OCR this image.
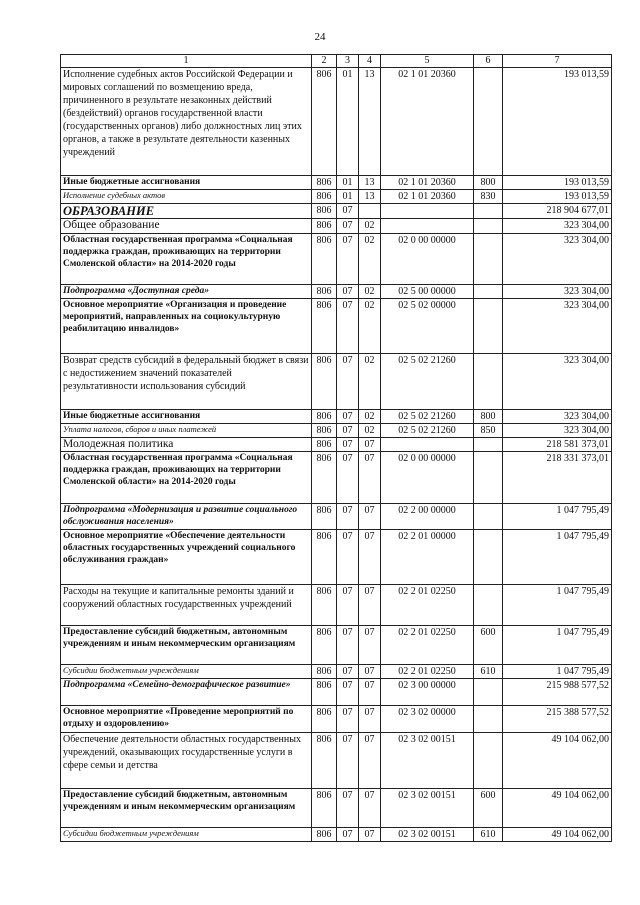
24
1	2	3	4	5	6	7
Исполнение судебных актов Российской Федерации и мировых соглашений по возмещению вреда, причиненного в результате незаконных действий (бездействий) органов государственной власти (государственных органов) либо должностных лиц этих органов, а также в результате деятельности казенных учреждений	806	01	13	02 1 01 20360		193 013,59
Иные бюджетные ассигнования	806	01	13	02 1 01 20360	800	193 013,59
Исполнение судебных актов	806	01	13	02 1 01 20360	830	193 013,59
ОБРАЗОВАНИЕ	806	07				218 904 677,01
Общее образование	806	07	02			323 304,00
Областная государственная программа «Социальная поддержка граждан, проживающих на территории Смоленской области» на 2014-2020 годы	806	07	02	02 0 00 00000		323 304,00
Подпрограмма «Доступная среда»	806	07	02	02 5 00 00000		323 304,00
Основное мероприятие «Организация и проведение мероприятий, направленных на социокультурную реабилитацию инвалидов»	806	07	02	02 5 02 00000		323 304,00
Возврат средств субсидий в федеральный бюджет в связи с недостижением значений показателей результативности использования субсидий	806	07	02	02 5 02 21260		323 304,00
Иные бюджетные ассигнования	806	07	02	02 5 02 21260	800	323 304,00
Уплата налогов, сборов и иных платежей	806	07	02	02 5 02 21260	850	323 304,00
Молодежная политика	806	07	07			218 581 373,01
Областная государственная программа «Социальная поддержка граждан, проживающих на территории Смоленской области» на 2014-2020 годы	806	07	07	02 0 00 00000		218 331 373,01
Подпрограмма «Модернизация и развитие социального обслуживания населения»	806	07	07	02 2 00 00000		1 047 795,49
Основное мероприятие «Обеспечение деятельности областных государственных учреждений социального обслуживания граждан»	806	07	07	02 2 01 00000		1 047 795,49
Расходы на текущие и капитальные ремонты зданий и сооружений областных государственных учреждений	806	07	07	02 2 01 02250		1 047 795,49
Предоставление субсидий бюджетным, автономным учреждениям и иным некоммерческим организациям	806	07	07	02 2 01 02250	600	1 047 795,49
Субсидии бюджетным учреждениям	806	07	07	02 2 01 02250	610	1 047 795,49
Подпрограмма «Семейно-демографическое развитие»	806	07	07	02 3 00 00000		215 988 577,52
Основное мероприятие «Проведение мероприятий по отдыху и оздоровлению»	806	07	07	02 3 02 00000		215 388 577,52
Обеспечение деятельности областных государственных учреждений, оказывающих государственные услуги в сфере семьи и детства	806	07	07	02 3 02 00151		49 104 062,00
Предоставление субсидий бюджетным, автономным учреждениям и иным некоммерческим организациям	806	07	07	02 3 02 00151	600	49 104 062,00
Субсидии бюджетным учреждениям	806	07	07	02 3 02 00151	610	49 104 062,00
